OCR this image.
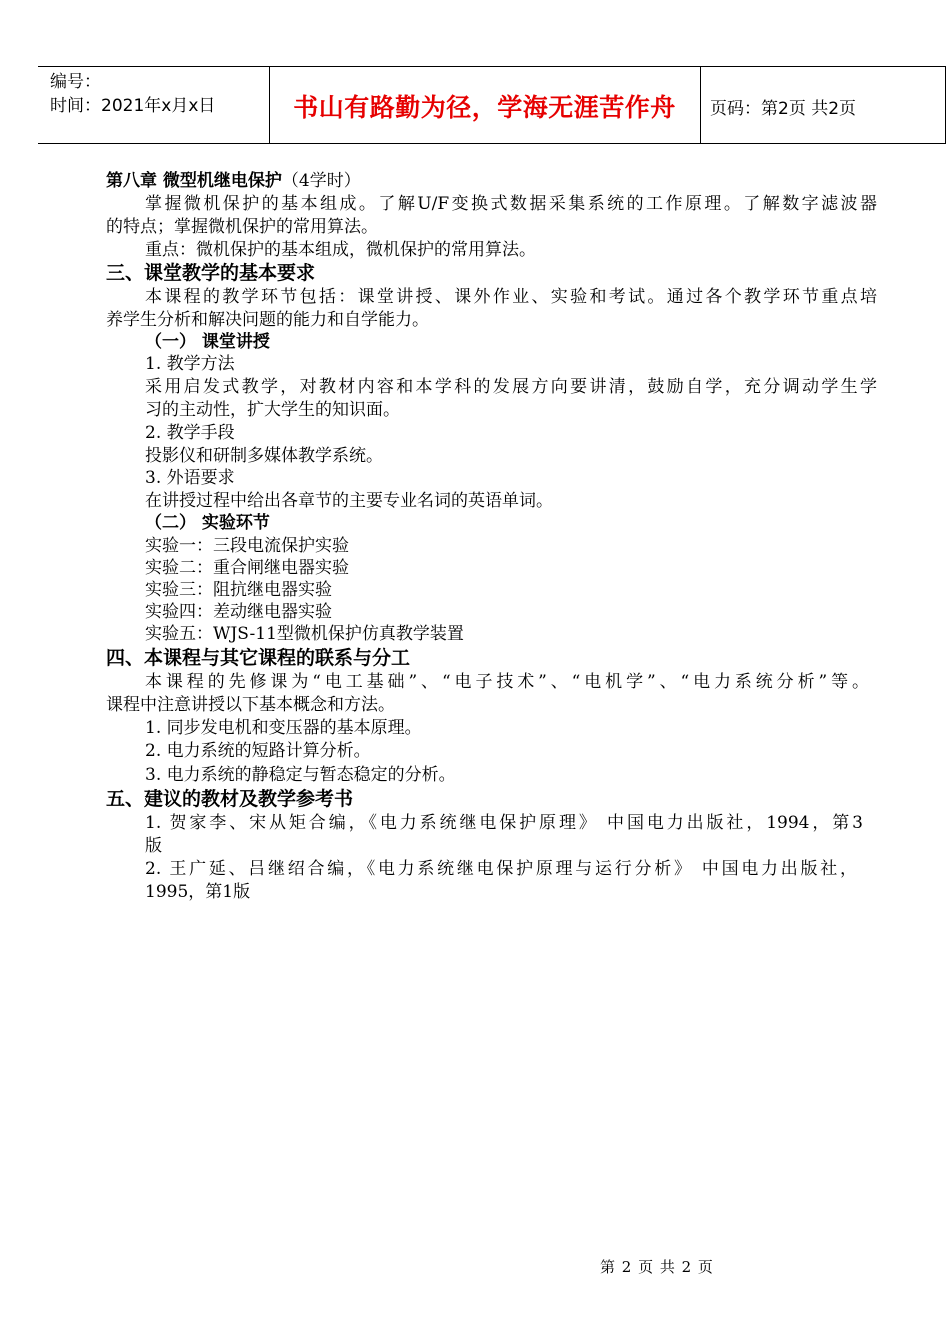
编号：
时间：2021年x月x日	书山有路勤为径，学海无涯苦作舟	页码：第2页 共2页
第八章 微型机继电保护（4学时）
掌握微机保护的基本组成。了解U/F变换式数据采集系统的工作原理。了解数字滤波器
的特点；掌握微机保护的常用算法。
重点：微机保护的基本组成，微机保护的常用算法。
三、课堂教学的基本要求
本课程的教学环节包括：课堂讲授、课外作业、实验和考试。通过各个教学环节重点培
养学生分析和解决问题的能力和自学能力。
（一） 课堂讲授
1. 教学方法
采用启发式教学，对教材内容和本学科的发展方向要讲清，鼓励自学，充分调动学生学
习的主动性，扩大学生的知识面。
2. 教学手段
投影仪和研制多媒体教学系统。
3. 外语要求
在讲授过程中给出各章节的主要专业名词的英语单词。
（二） 实验环节
实验一：三段电流保护实验
实验二：重合闸继电器实验
实验三：阻抗继电器实验
实验四：差动继电器实验
实验五：WJS-11型微机保护仿真教学装置
四、本课程与其它课程的联系与分工
本课程的先修课为“电工基础”、“电子技术”、“电机学”、“电力系统分析”等。
课程中注意讲授以下基本概念和方法。
1. 同步发电机和变压器的基本原理。
2. 电力系统的短路计算分析。
3. 电力系统的静稳定与暂态稳定的分析。
五、建议的教材及教学参考书
1. 贺家李、宋从矩合编，《电力系统继电保护原理》 中国电力出版社，1994，第3
版
2. 王广延、吕继绍合编，《电力系统继电保护原理与运行分析》 中国电力出版社，
1995，第1版
第 2 页 共 2 页
